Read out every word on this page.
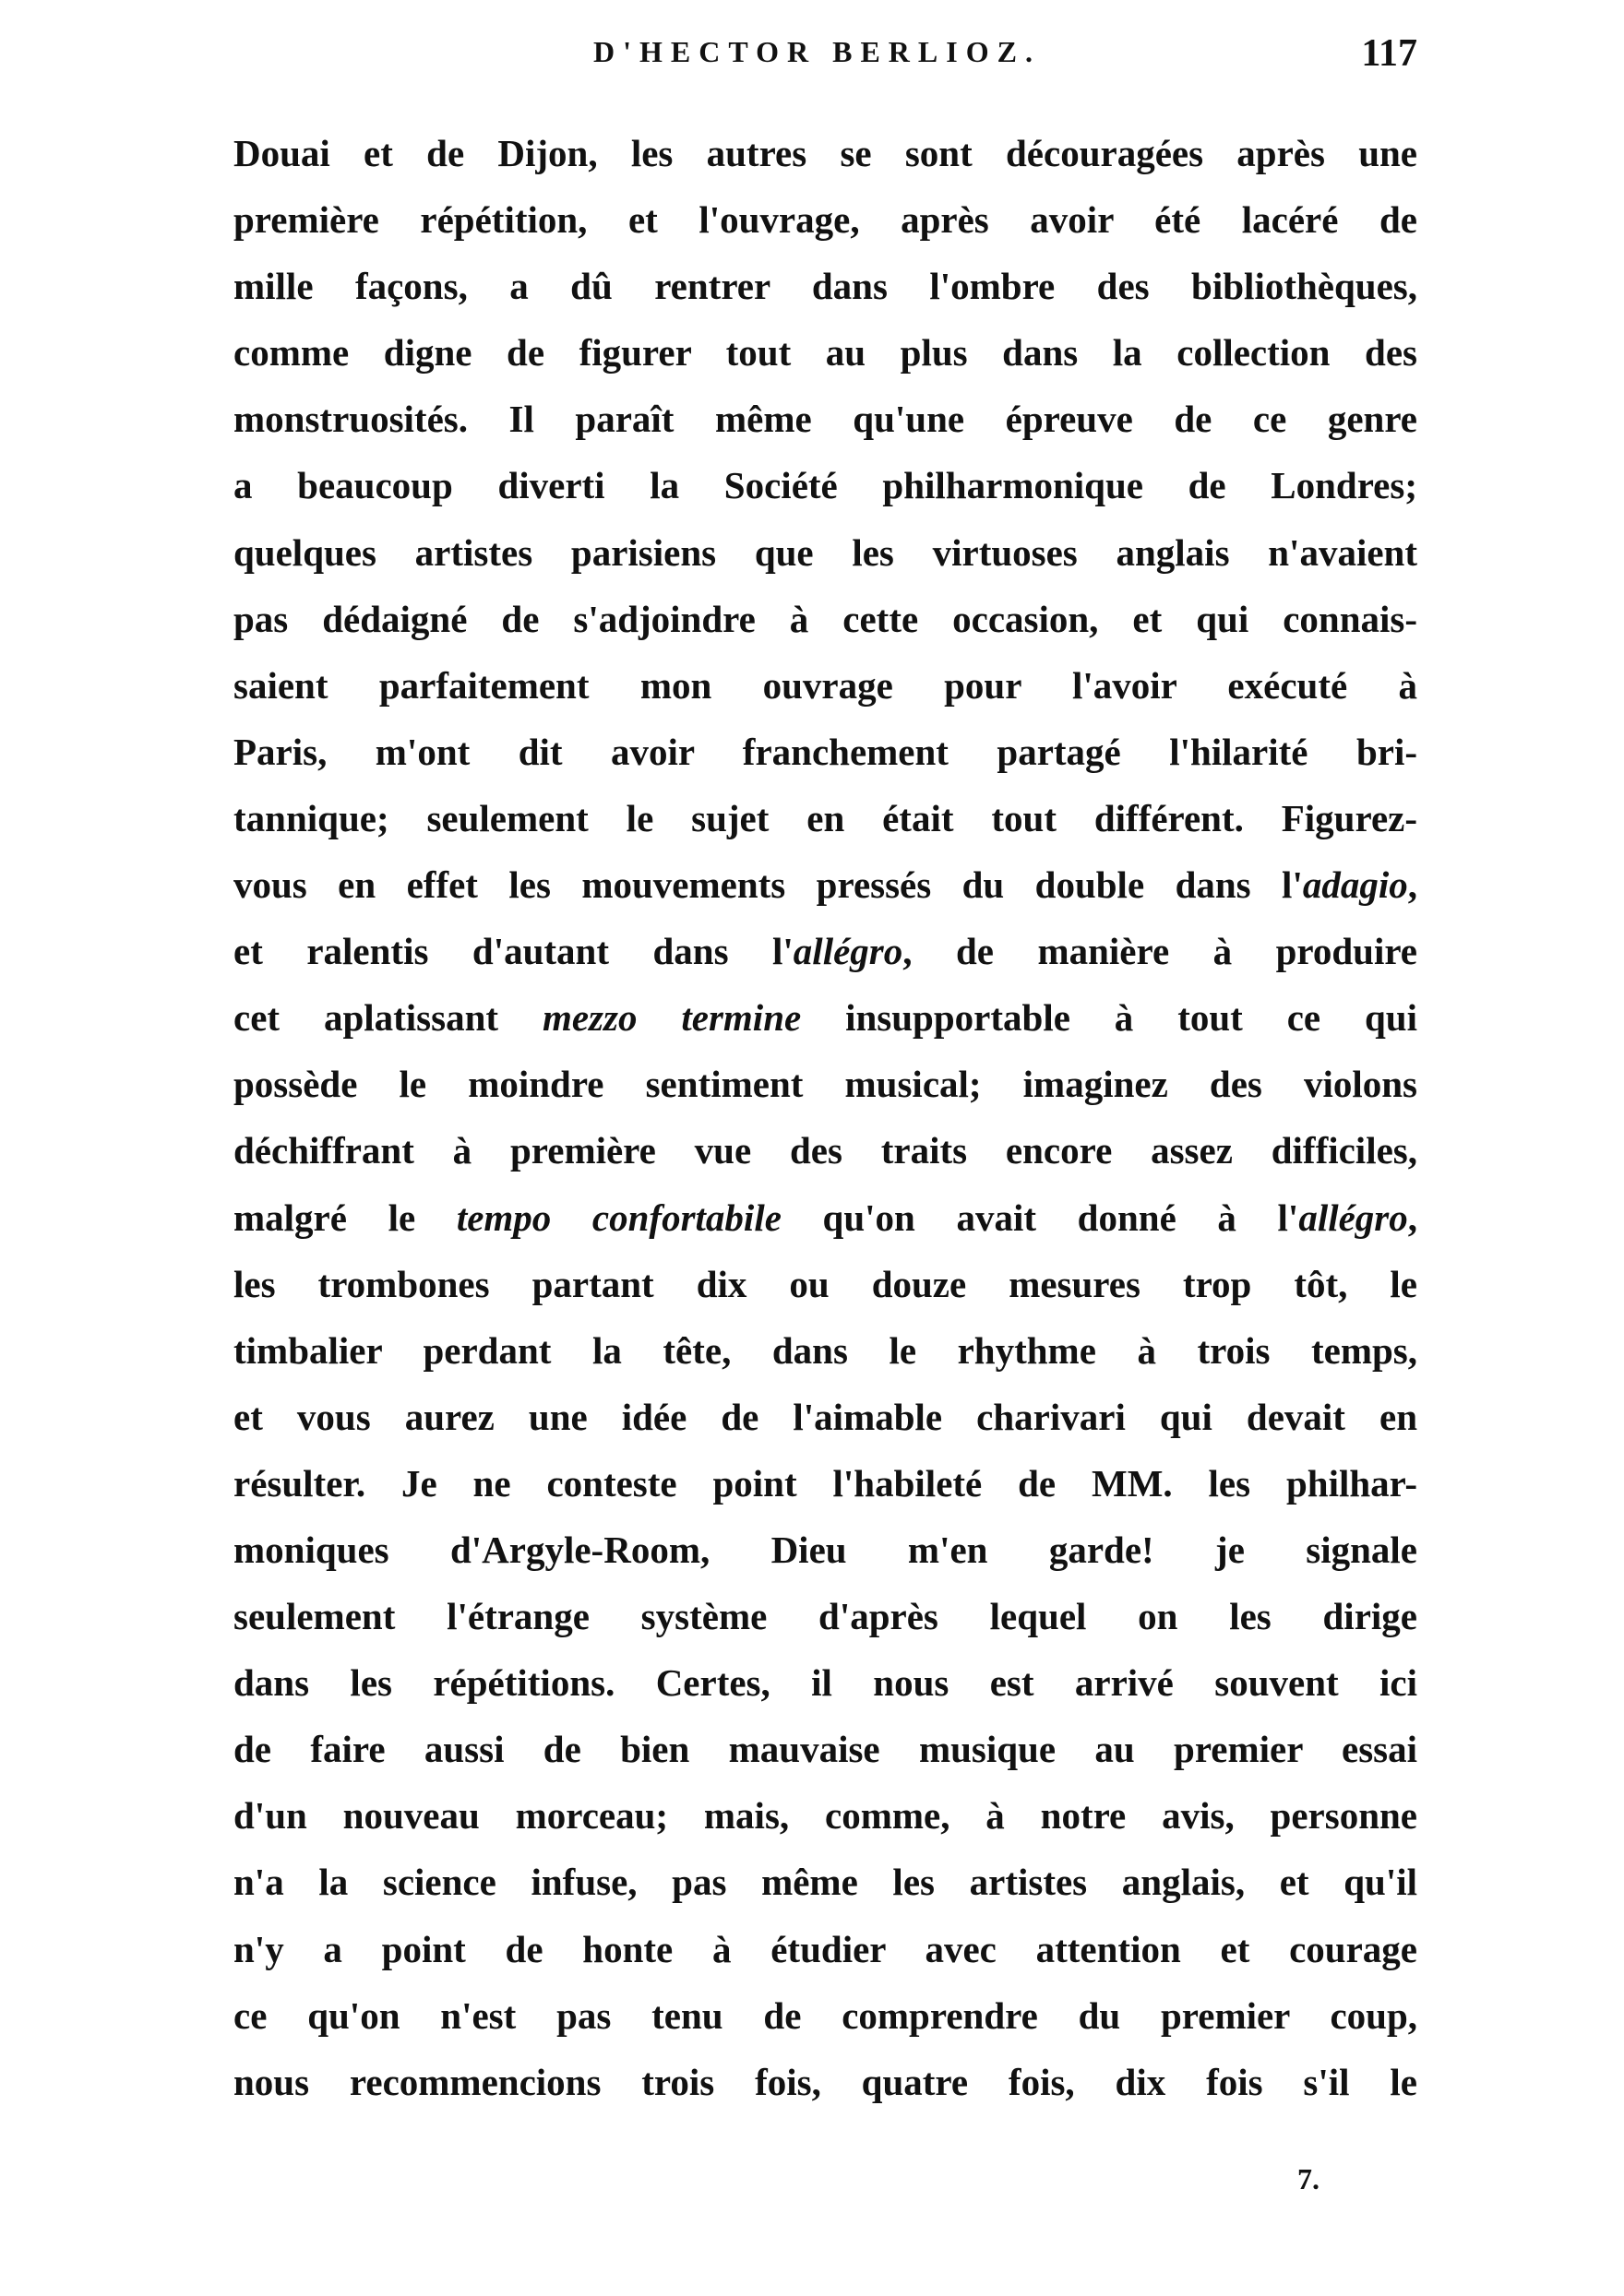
D'HECTOR BERLIOZ.	117
Douai et de Dijon, les autres se sont découragées après une
première répétition, et l'ouvrage, après avoir été lacéré de
mille façons, a dû rentrer dans l'ombre des bibliothèques,
comme digne de figurer tout au plus dans la collection des
monstruosités. Il paraît même qu'une épreuve de ce genre
a beaucoup diverti la Société philharmonique de Londres;
quelques artistes parisiens que les virtuoses anglais n'avaient
pas dédaigné de s'adjoindre à cette occasion, et qui connais-
saient parfaitement mon ouvrage pour l'avoir exécuté à
Paris, m'ont dit avoir franchement partagé l'hilarité bri-
tannique; seulement le sujet en était tout différent. Figurez-
vous en effet les mouvements pressés du double dans l'adagio,
et ralentis d'autant dans l'allégro, de manière à produire
cet aplatissant mezzo termine insupportable à tout ce qui
possède le moindre sentiment musical; imaginez des violons
déchiffrant à première vue des traits encore assez difficiles,
malgré le tempo confortabile qu'on avait donné à l'allégro,
les trombones partant dix ou douze mesures trop tôt, le
timbalier perdant la tête, dans le rhythme à trois temps,
et vous aurez une idée de l'aimable charivari qui devait en
résulter. Je ne conteste point l'habileté de MM. les philhar-
moniques d'Argyle-Room, Dieu m'en garde! je signale
seulement l'étrange système d'après lequel on les dirige
dans les répétitions. Certes, il nous est arrivé souvent ici
de faire aussi de bien mauvaise musique au premier essai
d'un nouveau morceau; mais, comme, à notre avis, personne
n'a la science infuse, pas même les artistes anglais, et qu'il
n'y a point de honte à étudier avec attention et courage
ce qu'on n'est pas tenu de comprendre du premier coup,
nous recommencions trois fois, quatre fois, dix fois s'il le
7.
